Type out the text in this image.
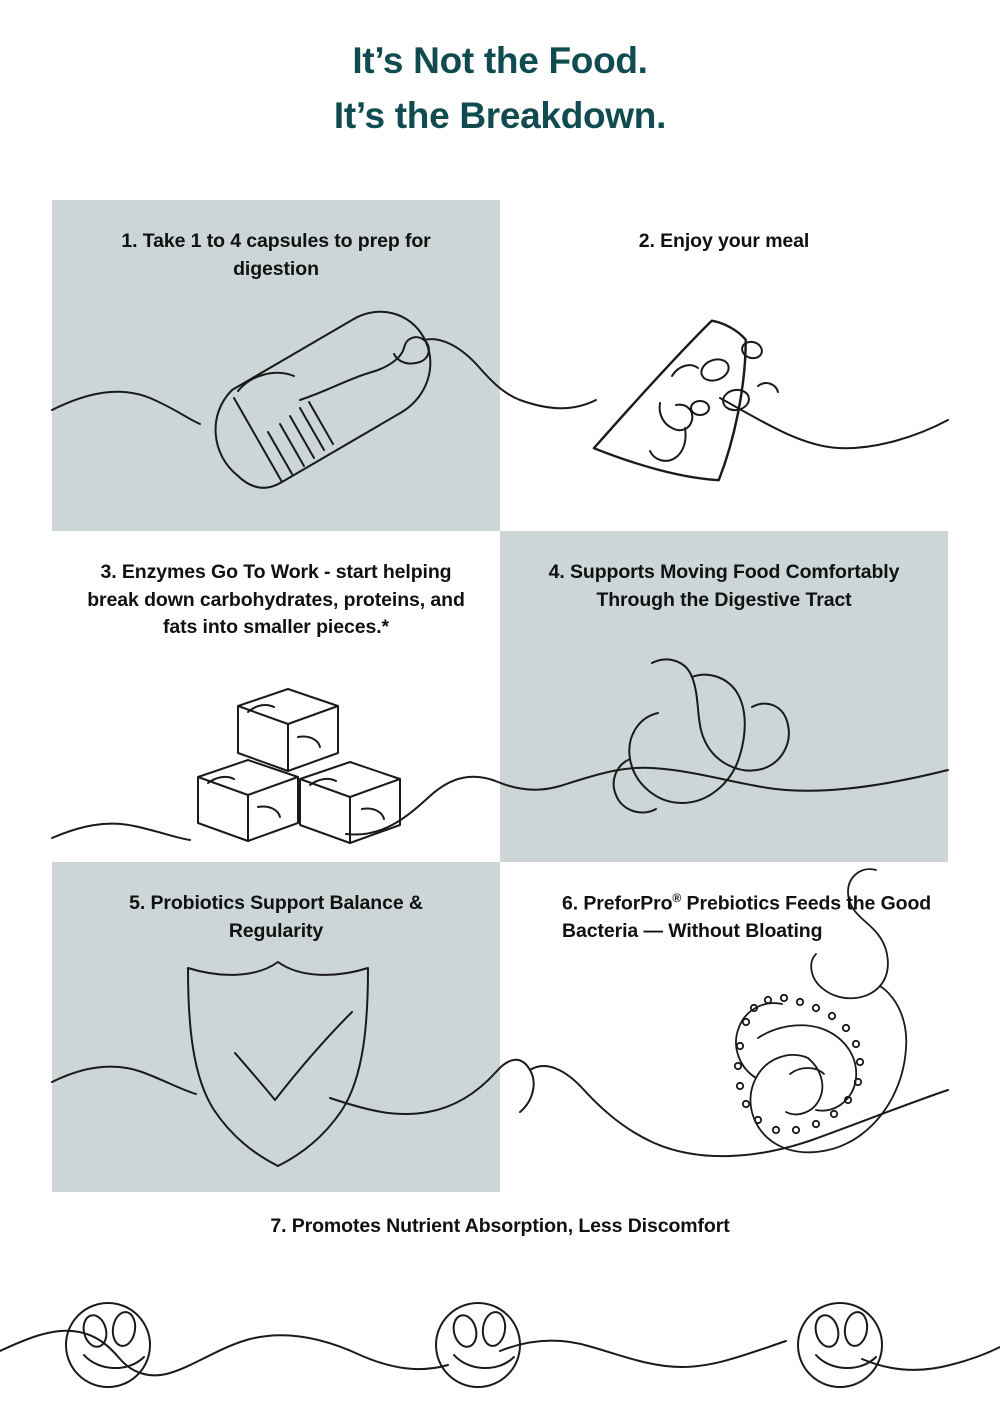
It’s Not the Food.
It’s the Breakdown.
1. Take 1 to 4 capsules to prep for digestion
2. Enjoy your meal
3. Enzymes Go To Work - start helping break down carbohydrates, proteins, and fats into smaller pieces.*
4. Supports Moving Food Comfortably Through the Digestive Tract
5. Probiotics Support Balance & Regularity
6. PreforPro® Prebiotics Feeds the Good Bacteria — Without Bloating
7. Promotes Nutrient Absorption, Less Discomfort
